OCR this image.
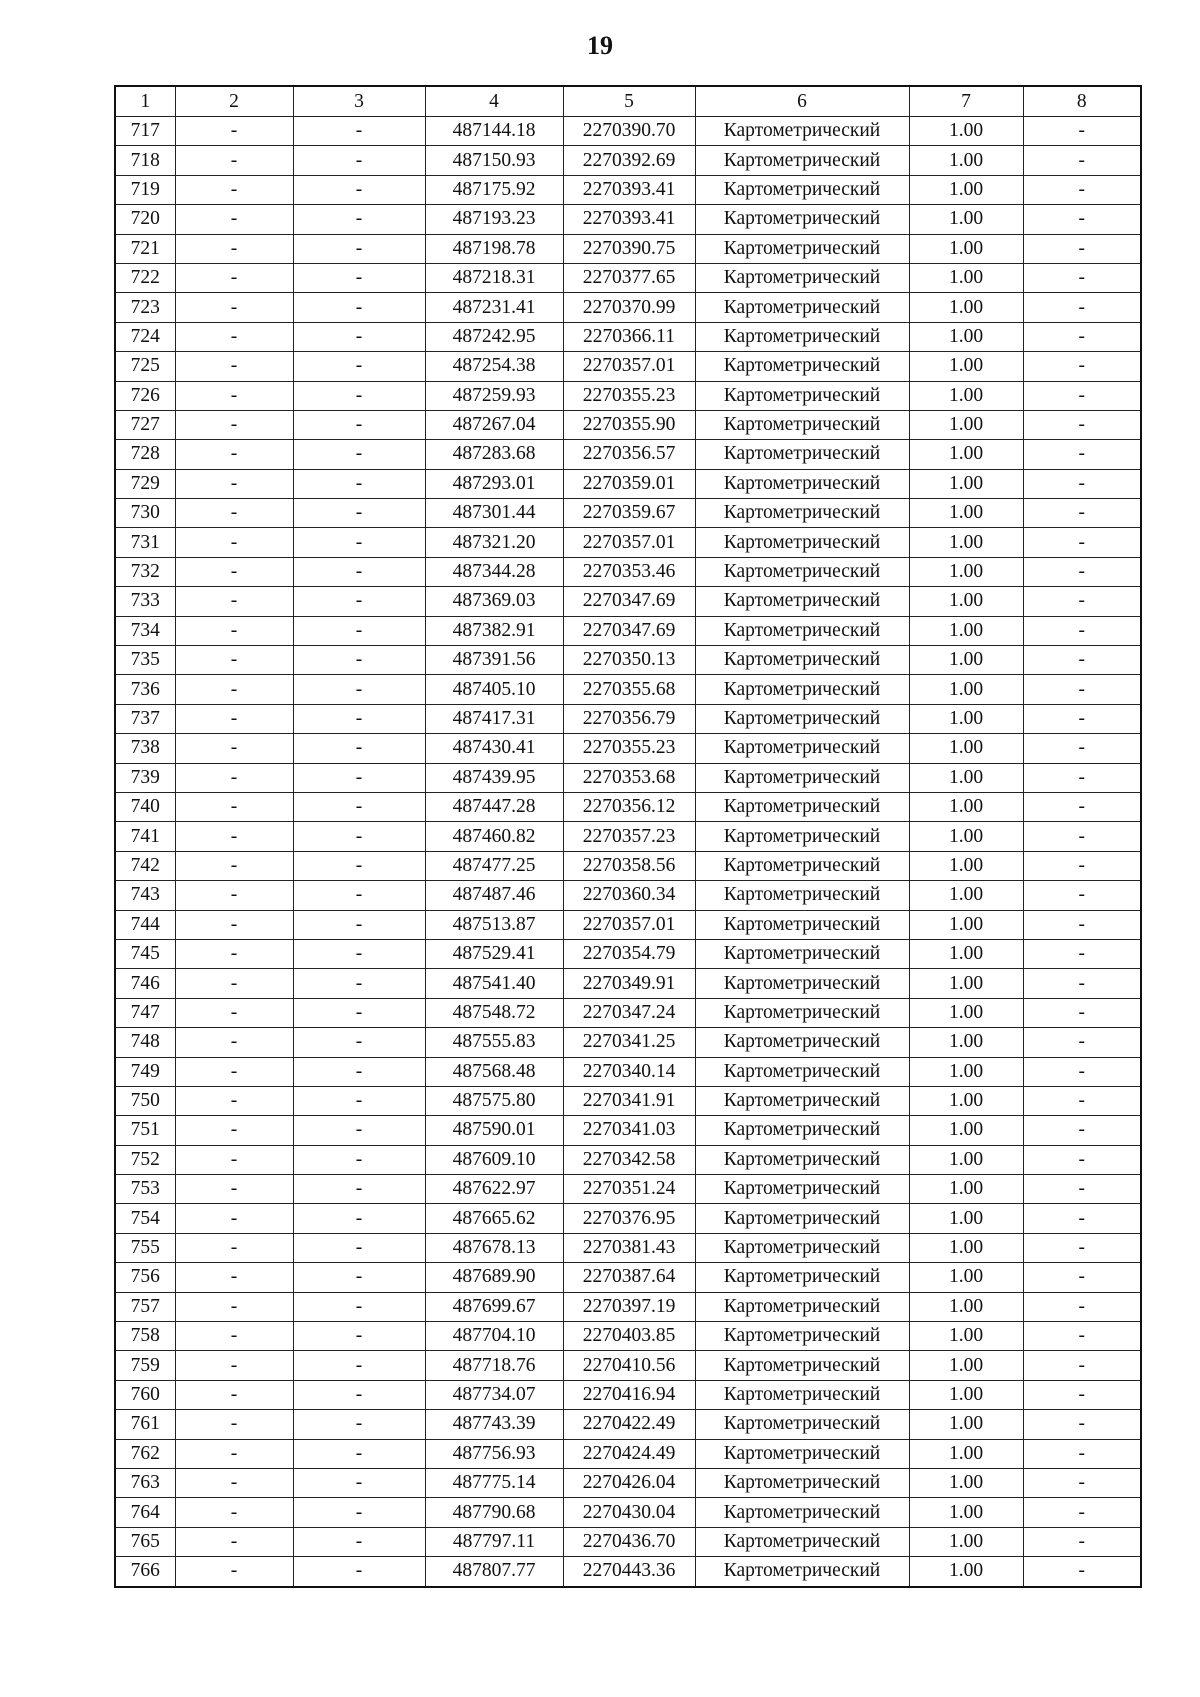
19
1	2	3	4	5	6	7	8
717	-	-	487144.18	2270390.70	Картометрический	1.00	-
718	-	-	487150.93	2270392.69	Картометрический	1.00	-
719	-	-	487175.92	2270393.41	Картометрический	1.00	-
720	-	-	487193.23	2270393.41	Картометрический	1.00	-
721	-	-	487198.78	2270390.75	Картометрический	1.00	-
722	-	-	487218.31	2270377.65	Картометрический	1.00	-
723	-	-	487231.41	2270370.99	Картометрический	1.00	-
724	-	-	487242.95	2270366.11	Картометрический	1.00	-
725	-	-	487254.38	2270357.01	Картометрический	1.00	-
726	-	-	487259.93	2270355.23	Картометрический	1.00	-
727	-	-	487267.04	2270355.90	Картометрический	1.00	-
728	-	-	487283.68	2270356.57	Картометрический	1.00	-
729	-	-	487293.01	2270359.01	Картометрический	1.00	-
730	-	-	487301.44	2270359.67	Картометрический	1.00	-
731	-	-	487321.20	2270357.01	Картометрический	1.00	-
732	-	-	487344.28	2270353.46	Картометрический	1.00	-
733	-	-	487369.03	2270347.69	Картометрический	1.00	-
734	-	-	487382.91	2270347.69	Картометрический	1.00	-
735	-	-	487391.56	2270350.13	Картометрический	1.00	-
736	-	-	487405.10	2270355.68	Картометрический	1.00	-
737	-	-	487417.31	2270356.79	Картометрический	1.00	-
738	-	-	487430.41	2270355.23	Картометрический	1.00	-
739	-	-	487439.95	2270353.68	Картометрический	1.00	-
740	-	-	487447.28	2270356.12	Картометрический	1.00	-
741	-	-	487460.82	2270357.23	Картометрический	1.00	-
742	-	-	487477.25	2270358.56	Картометрический	1.00	-
743	-	-	487487.46	2270360.34	Картометрический	1.00	-
744	-	-	487513.87	2270357.01	Картометрический	1.00	-
745	-	-	487529.41	2270354.79	Картометрический	1.00	-
746	-	-	487541.40	2270349.91	Картометрический	1.00	-
747	-	-	487548.72	2270347.24	Картометрический	1.00	-
748	-	-	487555.83	2270341.25	Картометрический	1.00	-
749	-	-	487568.48	2270340.14	Картометрический	1.00	-
750	-	-	487575.80	2270341.91	Картометрический	1.00	-
751	-	-	487590.01	2270341.03	Картометрический	1.00	-
752	-	-	487609.10	2270342.58	Картометрический	1.00	-
753	-	-	487622.97	2270351.24	Картометрический	1.00	-
754	-	-	487665.62	2270376.95	Картометрический	1.00	-
755	-	-	487678.13	2270381.43	Картометрический	1.00	-
756	-	-	487689.90	2270387.64	Картометрический	1.00	-
757	-	-	487699.67	2270397.19	Картометрический	1.00	-
758	-	-	487704.10	2270403.85	Картометрический	1.00	-
759	-	-	487718.76	2270410.56	Картометрический	1.00	-
760	-	-	487734.07	2270416.94	Картометрический	1.00	-
761	-	-	487743.39	2270422.49	Картометрический	1.00	-
762	-	-	487756.93	2270424.49	Картометрический	1.00	-
763	-	-	487775.14	2270426.04	Картометрический	1.00	-
764	-	-	487790.68	2270430.04	Картометрический	1.00	-
765	-	-	487797.11	2270436.70	Картометрический	1.00	-
766	-	-	487807.77	2270443.36	Картометрический	1.00	-
